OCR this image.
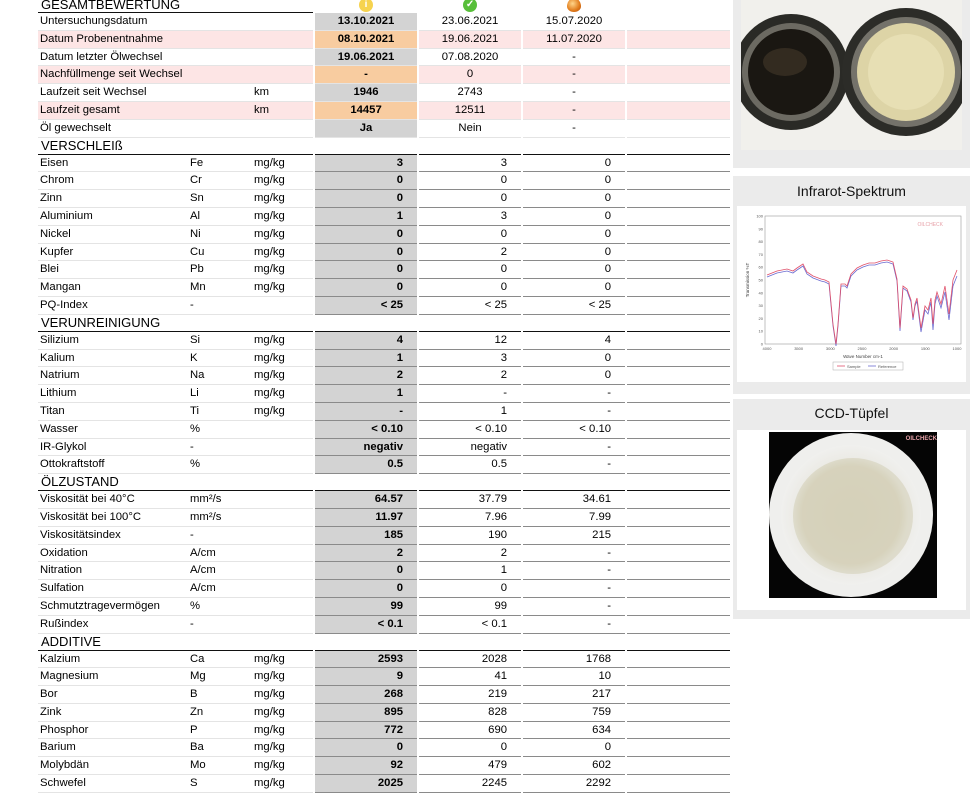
GESAMTBEWERTUNG			i	✓		
Untersuchungsdatum			13.10.2021	23.06.2021	15.07.2020	
Datum Probenentnahme			08.10.2021	19.06.2021	11.07.2020	
Datum letzter Ölwechsel			19.06.2021	07.08.2020	-	
Nachfüllmenge seit Wechsel			-	0	-	
Laufzeit seit Wechsel		km	1946	2743	-	
Laufzeit gesamt		km	14457	12511	-	
Öl gewechselt			Ja	Nein	-	
VERSCHLEIß						
Eisen	Fe	mg/kg	3	3	0	
Chrom	Cr	mg/kg	0	0	0	
Zinn	Sn	mg/kg	0	0	0	
Aluminium	Al	mg/kg	1	3	0	
Nickel	Ni	mg/kg	0	0	0	
Kupfer	Cu	mg/kg	0	2	0	
Blei	Pb	mg/kg	0	0	0	
Mangan	Mn	mg/kg	0	0	0	
PQ-Index	-		< 25	< 25	< 25	
VERUNREINIGUNG						
Silizium	Si	mg/kg	4	12	4	
Kalium	K	mg/kg	1	3	0	
Natrium	Na	mg/kg	2	2	0	
Lithium	Li	mg/kg	1	-	-	
Titan	Ti	mg/kg	-	1	-	
Wasser	%		< 0.10	< 0.10	< 0.10	
IR-Glykol	-		negativ	negativ	-	
Ottokraftstoff	%		0.5	0.5	-	
ÖLZUSTAND						
Viskosität bei 40°C	mm²/s		64.57	37.79	34.61	
Viskosität bei 100°C	mm²/s		11.97	7.96	7.99	
Viskositätsindex	-		185	190	215	
Oxidation	A/cm		2	2	-	
Nitration	A/cm		0	1	-	
Sulfation	A/cm		0	0	-	
Schmutztragevermögen	%		99	99	-	
Rußindex	-		< 0.1	< 0.1	-	
ADDITIVE						
Kalzium	Ca	mg/kg	2593	2028	1768	
Magnesium	Mg	mg/kg	9	41	10	
Bor	B	mg/kg	268	219	217	
Zink	Zn	mg/kg	895	828	759	
Phosphor	P	mg/kg	772	690	634	
Barium	Ba	mg/kg	0	0	0	
Molybdän	Mo	mg/kg	92	479	602	
Schwefel	S	mg/kg	2025	2245	2292	
Infrarot-Spektrum
100
90
80
70
60
50
40
30
20
10
0
4000	3500	3000	2500	2000	1500	1000
OILCHECK
Transmission %T
Wave Number cm-1
Sample	Reference
CCD-Tüpfel
OILCHECK
